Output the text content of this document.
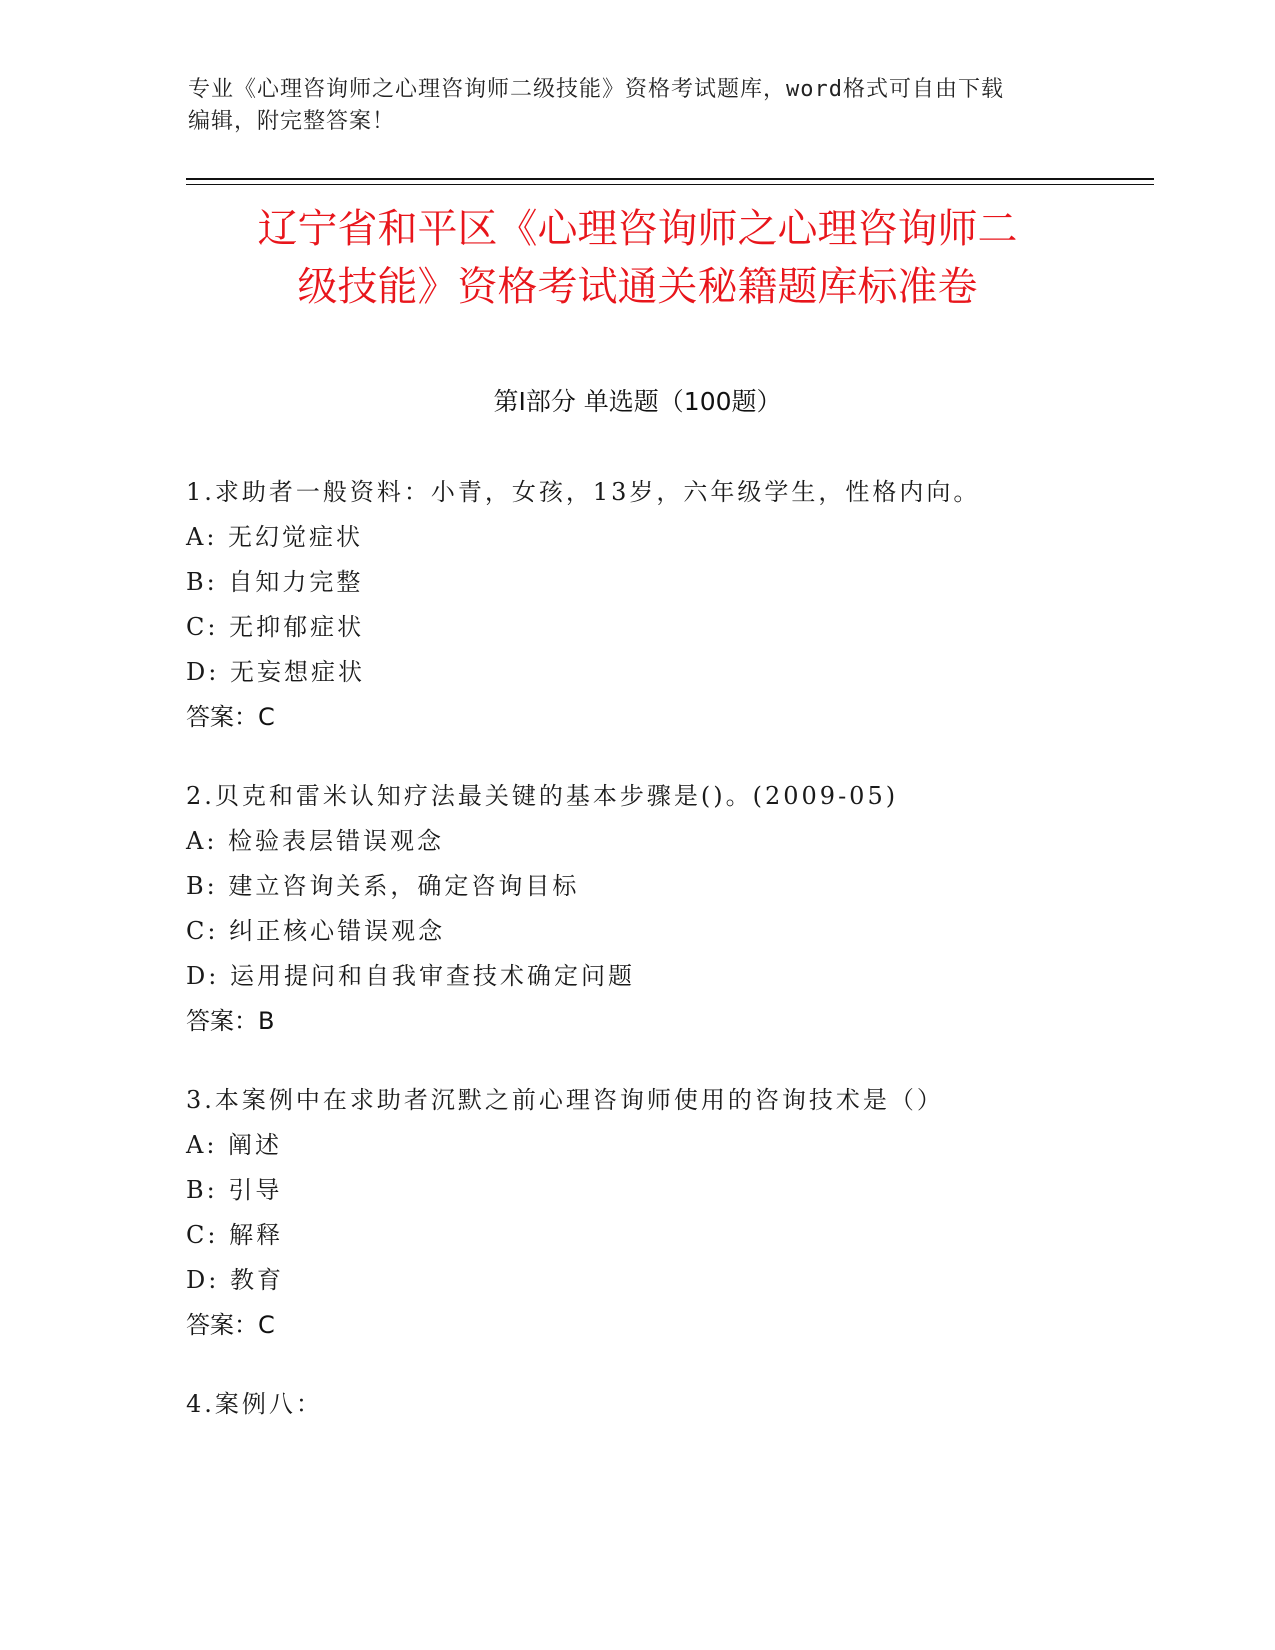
专业《心理咨询师之心理咨询师二级技能》资格考试题库，word格式可自由下载
编辑，附完整答案！
辽宁省和平区《心理咨询师之心理咨询师二
级技能》资格考试通关秘籍题库标准卷
第Ⅰ部分 单选题（100题）
1.求助者一般资料：小青，女孩，13岁，六年级学生，性格内向。
A: 无幻觉症状
B: 自知力完整
C: 无抑郁症状
D: 无妄想症状
答案：C
2.贝克和雷米认知疗法最关键的基本步骤是()。(2009-05)
A: 检验表层错误观念
B: 建立咨询关系，确定咨询目标
C: 纠正核心错误观念
D: 运用提问和自我审查技术确定问题
答案：B
3.本案例中在求助者沉默之前心理咨询师使用的咨询技术是（）
A: 阐述
B: 引导
C: 解释
D: 教育
答案：C
4.案例八：
